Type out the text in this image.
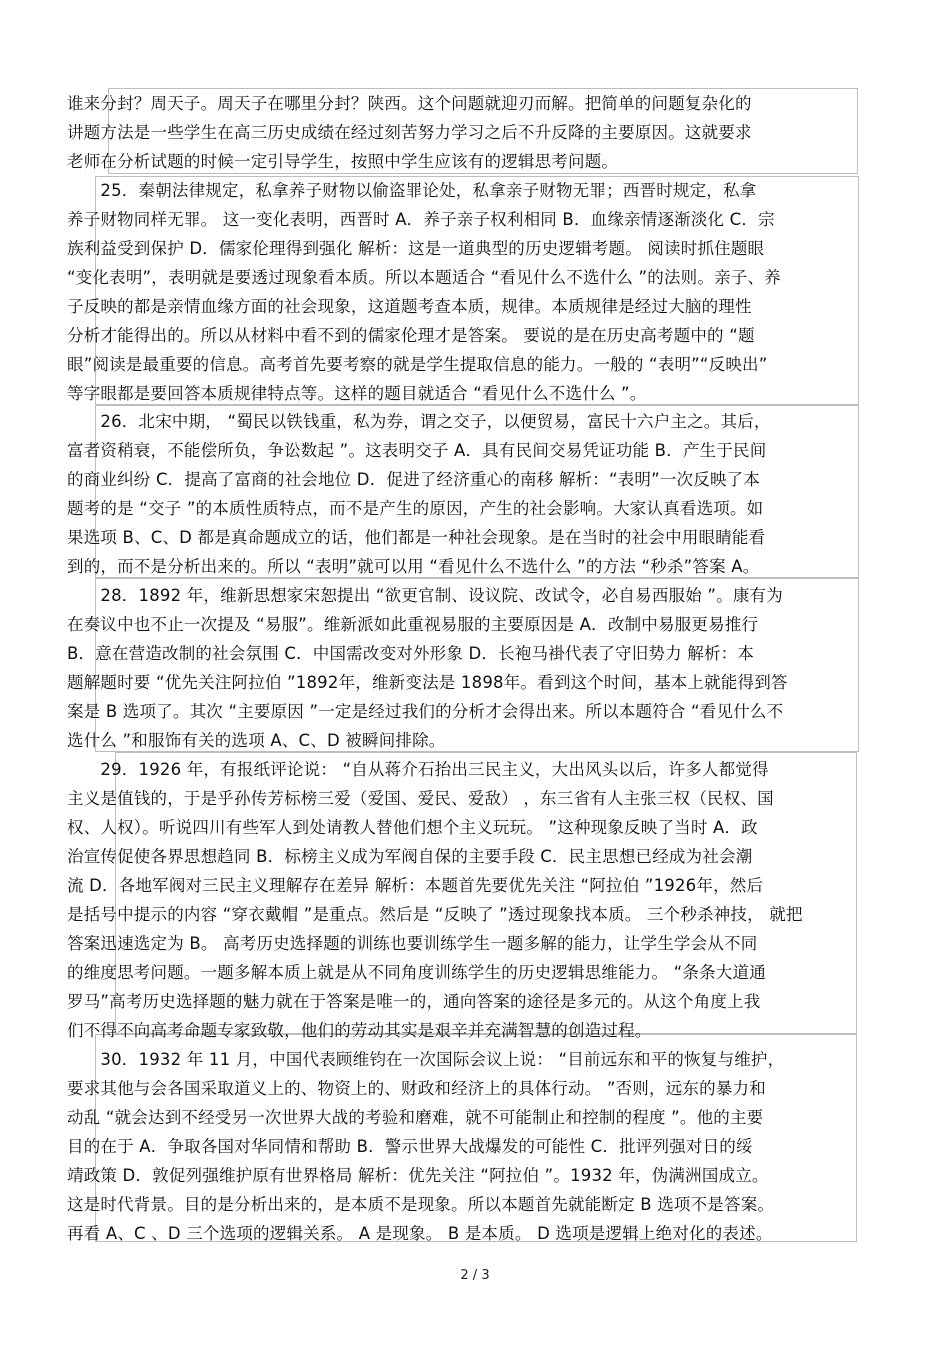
谁来分封？周天子。周天子在哪里分封？陕西。这个问题就迎刃而解。把简单的问题复杂化的
讲题方法是一些学生在高三历史成绩在经过刻苦努力学习之后不升反降的主要原因。这就要求
老师在分析试题的时候一定引导学生，按照中学生应该有的逻辑思考问题。
　　25．秦朝法律规定，私拿养子财物以偷盗罪论处，私拿亲子财物无罪；西晋时规定，私拿
养子财物同样无罪。 这一变化表明，西晋时 A．养子亲子权利相同 B．血缘亲情逐渐淡化 C．宗
族利益受到保护 D．儒家伦理得到强化 解析：这是一道典型的历史逻辑考题。 阅读时抓住题眼
“变化表明”，表明就是要透过现象看本质。所以本题适合 “看见什么不选什么 ”的法则。亲子、养
子反映的都是亲情血缘方面的社会现象，这道题考查本质，规律。本质规律是经过大脑的理性
分析才能得出的。所以从材料中看不到的儒家伦理才是答案。 要说的是在历史高考题中的 “题
眼”阅读是最重要的信息。高考首先要考察的就是学生提取信息的能力。一般的 “表明”“反映出”
等字眼都是要回答本质规律特点等。这样的题目就适合 “看见什么不选什么 ”。
　　26．北宋中期， “蜀民以铁钱重，私为券，谓之交子，以便贸易，富民十六户主之。其后，
富者资稍衰，不能偿所负，争讼数起 ”。这表明交子 A．具有民间交易凭证功能 B．产生于民间
的商业纠纷 C．提高了富商的社会地位 D．促进了经济重心的南移 解析：“表明”一次反映了本
题考的是 “交子 ”的本质性质特点，而不是产生的原因，产生的社会影响。大家认真看选项。如
果选项 B、C、D 都是真命题成立的话，他们都是一种社会现象。是在当时的社会中用眼睛能看
到的，而不是分析出来的。所以 “表明”就可以用 “看见什么不选什么 ”的方法 “秒杀”答案 A。
　　28．1892 年，维新思想家宋恕提出 “欲更官制、设议院、改试令，必自易西服始 ”。康有为
在奏议中也不止一次提及 “易服”。维新派如此重视易服的主要原因是 A．改制中易服更易推行
B．意在营造改制的社会氛围 C．中国需改变对外形象 D．长袍马褂代表了守旧势力 解析：本
题解题时要 “优先关注阿拉伯 ”1892年，维新变法是 1898年。看到这个时间，基本上就能得到答
案是 B 选项了。其次 “主要原因 ”一定是经过我们的分析才会得出来。所以本题符合 “看见什么不
选什么 ”和服饰有关的选项 A、C、D 被瞬间排除。
　　29．1926 年，有报纸评论说： “自从蒋介石抬出三民主义，大出风头以后，许多人都觉得
主义是值钱的，于是乎孙传芳标榜三爱（爱国、爱民、爱敌） ，东三省有人主张三权（民权、国
权、人权）。听说四川有些军人到处请教人替他们想个主义玩玩。 ”这种现象反映了当时 A．政
治宣传促使各界思想趋同 B．标榜主义成为军阀自保的主要手段 C．民主思想已经成为社会潮
流 D．各地军阀对三民主义理解存在差异 解析：本题首先要优先关注 “阿拉伯 ”1926年，然后
是括号中提示的内容 “穿衣戴帽 ”是重点。然后是 “反映了 ”透过现象找本质。 三个秒杀神技， 就把
答案迅速选定为 B。 高考历史选择题的训练也要训练学生一题多解的能力，让学生学会从不同
的维度思考问题。一题多解本质上就是从不同角度训练学生的历史逻辑思维能力。 “条条大道通
罗马”高考历史选择题的魅力就在于答案是唯一的，通向答案的途径是多元的。从这个角度上我
们不得不向高考命题专家致敬，他们的劳动其实是艰辛并充满智慧的创造过程。
　　30．1932 年 11 月，中国代表顾维钧在一次国际会议上说： “目前远东和平的恢复与维护，
要求其他与会各国采取道义上的、物资上的、财政和经济上的具体行动。 ”否则，远东的暴力和
动乱 “就会达到不经受另一次世界大战的考验和磨难，就不可能制止和控制的程度 ”。他的主要
目的在于 A．争取各国对华同情和帮助 B．警示世界大战爆发的可能性 C．批评列强对日的绥
靖政策 D．敦促列强维护原有世界格局 解析：优先关注 “阿拉伯 ”。1932 年，伪满洲国成立。
这是时代背景。目的是分析出来的，是本质不是现象。所以本题首先就能断定 B 选项不是答案。
再看 A、C 、D 三个选项的逻辑关系。 A 是现象。 B 是本质。 D 选项是逻辑上绝对化的表述。
2 / 3
